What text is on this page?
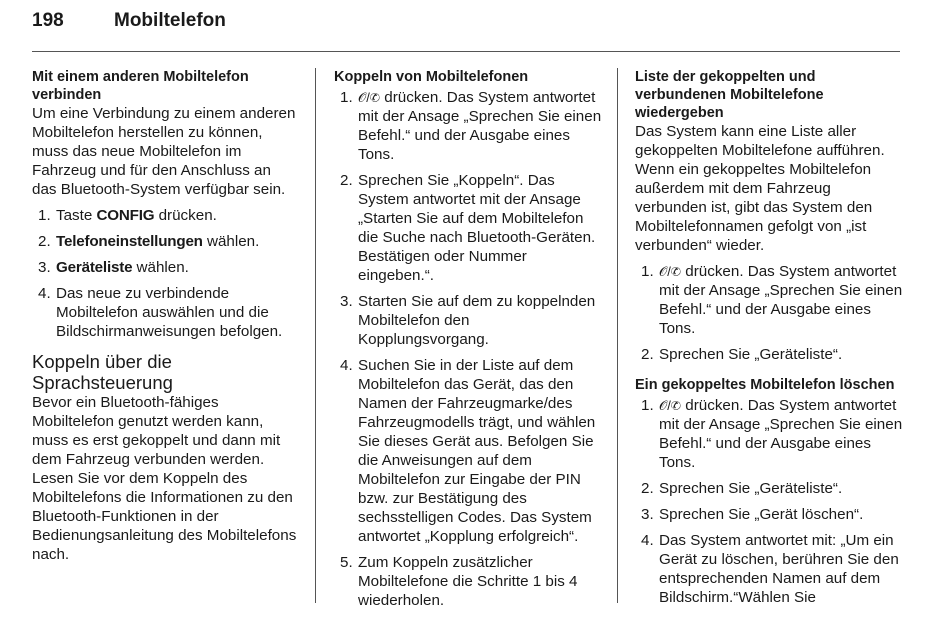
198	Mobiltelefon

Mit einem anderen Mobiltelefon verbinden

Um eine Verbindung zu einem anderen Mobiltelefon herstellen zu können, muss das neue Mobiltelefon im Fahrzeug und für den Anschluss an das Bluetooth-System verfügbar sein.

1. Taste CONFIG drücken.
2. Telefoneinstellungen wählen.
3. Geräteliste wählen.
4. Das neue zu verbindende Mobiltelefon auswählen und die Bildschirmanweisungen befolgen.

Koppeln über die Sprachsteuerung

Bevor ein Bluetooth-fähiges Mobiltelefon genutzt werden kann, muss es erst gekoppelt und dann mit dem Fahrzeug verbunden werden. Lesen Sie vor dem Koppeln des Mobiltelefons die Informationen zu den Bluetooth-Funktionen in der Bedienungsanleitung des Mobiltelefons nach.

Koppeln von Mobiltelefonen

1. 𝒪/✆ drücken. Das System antwortet mit der Ansage „Sprechen Sie einen Befehl.“ und der Ausgabe eines Tons.
2. Sprechen Sie „Koppeln“. Das System antwortet mit der Ansage „Starten Sie auf dem Mobiltelefon die Suche nach Bluetooth-Geräten. Bestätigen oder Nummer eingeben.“.
3. Starten Sie auf dem zu koppelnden Mobiltelefon den Kopplungsvorgang.
4. Suchen Sie in der Liste auf dem Mobiltelefon das Gerät, das den Namen der Fahrzeugmarke/des Fahrzeugmodells trägt, und wählen Sie dieses Gerät aus. Befolgen Sie die Anweisungen auf dem Mobiltelefon zur Eingabe der PIN bzw. zur Bestätigung des sechsstelligen Codes. Das System antwortet „Kopplung erfolgreich“.
5. Zum Koppeln zusätzlicher Mobiltelefone die Schritte 1 bis 4 wiederholen.

Liste der gekoppelten und verbundenen Mobiltelefone wiedergeben

Das System kann eine Liste aller gekoppelten Mobiltelefone aufführen. Wenn ein gekoppeltes Mobiltelefon außerdem mit dem Fahrzeug verbunden ist, gibt das System den Mobiltelefonnamen gefolgt von „ist verbunden“ wieder.

1. 𝒪/✆ drücken. Das System antwortet mit der Ansage „Sprechen Sie einen Befehl.“ und der Ausgabe eines Tons.
2. Sprechen Sie „Geräteliste“.

Ein gekoppeltes Mobiltelefon löschen

1. 𝒪/✆ drücken. Das System antwortet mit der Ansage „Sprechen Sie einen Befehl.“ und der Ausgabe eines Tons.
2. Sprechen Sie „Geräteliste“.
3. Sprechen Sie „Gerät löschen“.
4. Das System antwortet mit: „Um ein Gerät zu löschen, berühren Sie den entsprechenden Namen auf dem Bildschirm.“Wählen Sie
